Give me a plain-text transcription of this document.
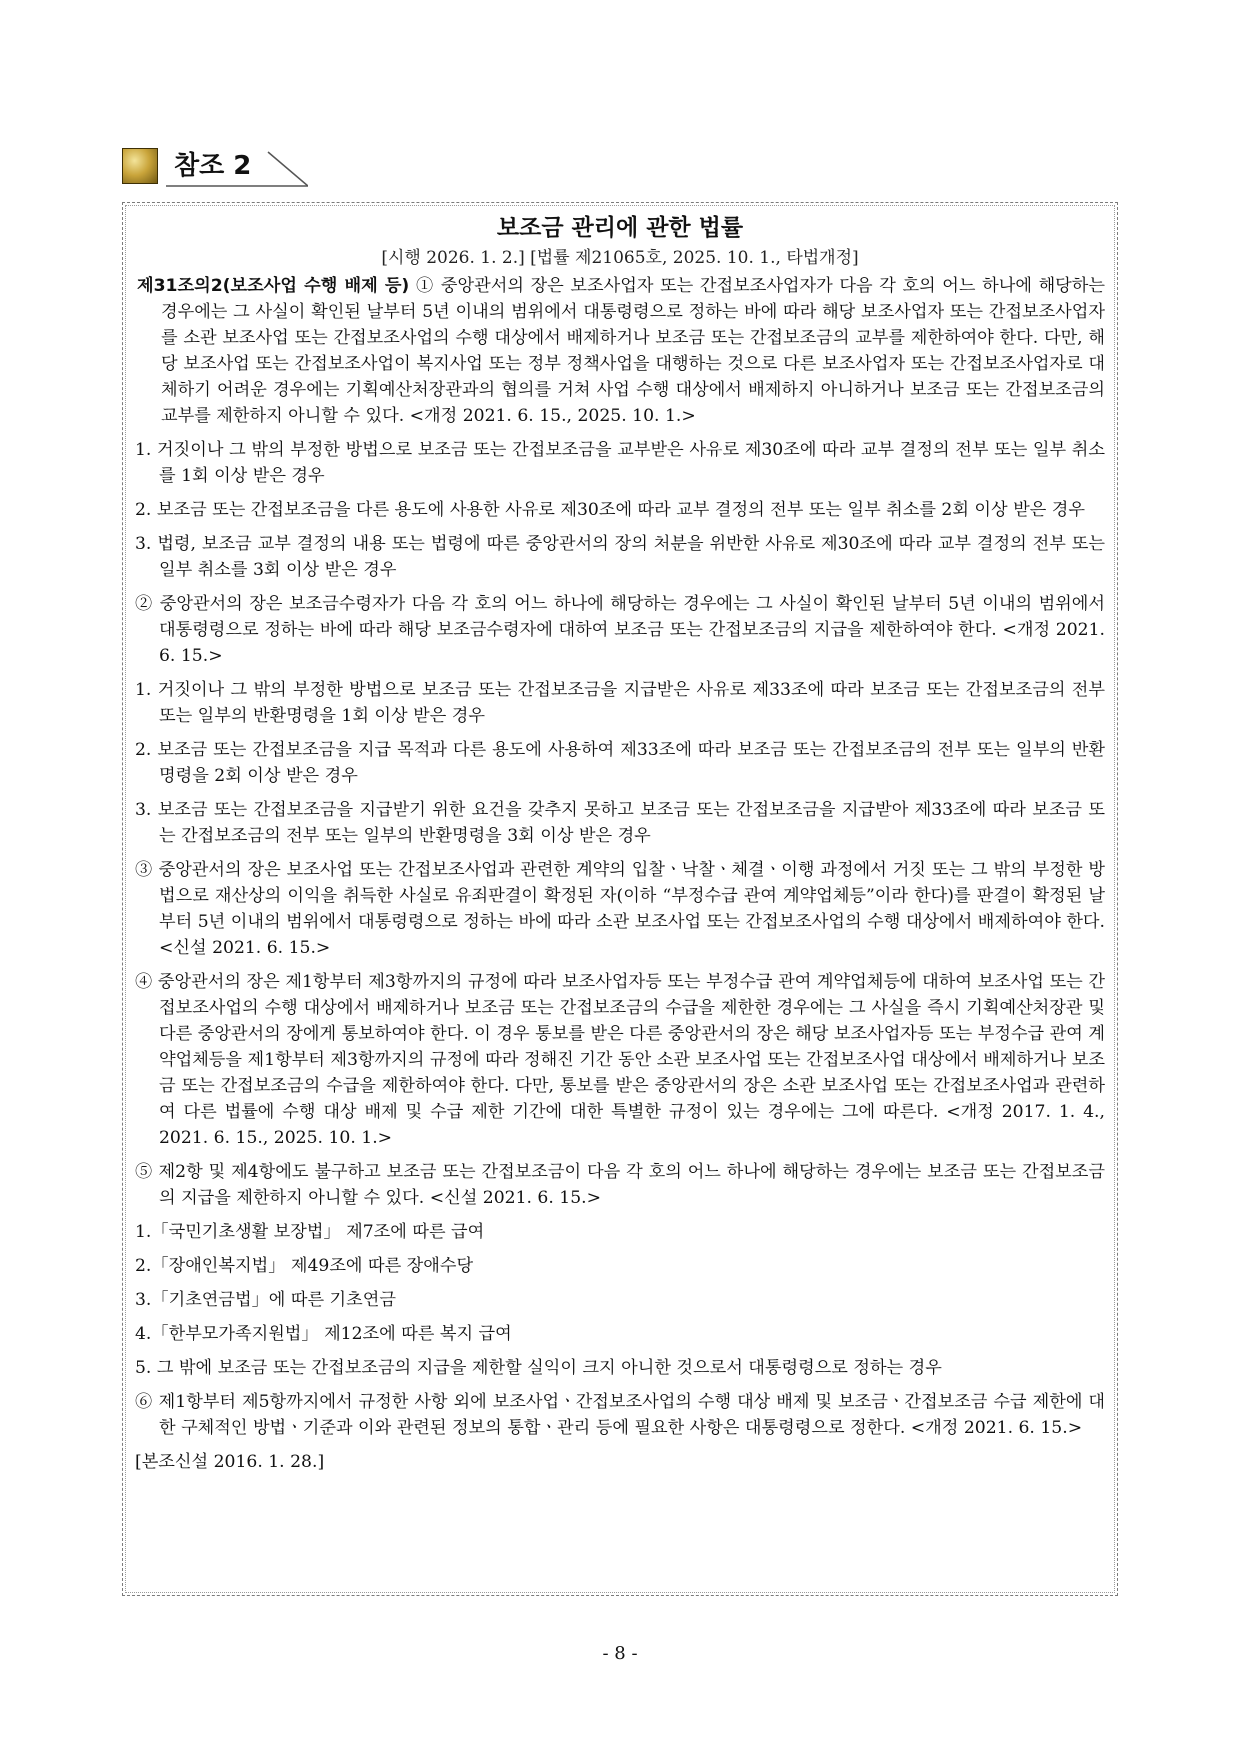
참조 2
보조금 관리에 관한 법률
[시행 2026. 1. 2.] [법률 제21065호, 2025. 10. 1., 타법개정]

제31조의2(보조사업 수행 배제 등) ① 중앙관서의 장은 보조사업자 또는 간접보조사업자가 다음 각 호의 어느 하나에 해당하는 경우에는 그 사실이 확인된 날부터 5년 이내의 범위에서 대통령령으로 정하는 바에 따라 해당 보조사업자 또는 간접보조사업자를 소관 보조사업 또는 간접보조사업의 수행 대상에서 배제하거나 보조금 또는 간접보조금의 교부를 제한하여야 한다. 다만, 해당 보조사업 또는 간접보조사업이 복지사업 또는 정부 정책사업을 대행하는 것으로 다른 보조사업자 또는 간접보조사업자로 대체하기 어려운 경우에는 기획예산처장관과의 협의를 거쳐 사업 수행 대상에서 배제하지 아니하거나 보조금 또는 간접보조금의 교부를 제한하지 아니할 수 있다. <개정 2021. 6. 15., 2025. 10. 1.>

1. 거짓이나 그 밖의 부정한 방법으로 보조금 또는 간접보조금을 교부받은 사유로 제30조에 따라 교부 결정의 전부 또는 일부 취소를 1회 이상 받은 경우

2. 보조금 또는 간접보조금을 다른 용도에 사용한 사유로 제30조에 따라 교부 결정의 전부 또는 일부 취소를 2회 이상 받은 경우

3. 법령, 보조금 교부 결정의 내용 또는 법령에 따른 중앙관서의 장의 처분을 위반한 사유로 제30조에 따라 교부 결정의 전부 또는 일부 취소를 3회 이상 받은 경우

② 중앙관서의 장은 보조금수령자가 다음 각 호의 어느 하나에 해당하는 경우에는 그 사실이 확인된 날부터 5년 이내의 범위에서 대통령령으로 정하는 바에 따라 해당 보조금수령자에 대하여 보조금 또는 간접보조금의 지급을 제한하여야 한다. <개정 2021. 6. 15.>

1. 거짓이나 그 밖의 부정한 방법으로 보조금 또는 간접보조금을 지급받은 사유로 제33조에 따라 보조금 또는 간접보조금의 전부 또는 일부의 반환명령을 1회 이상 받은 경우

2. 보조금 또는 간접보조금을 지급 목적과 다른 용도에 사용하여 제33조에 따라 보조금 또는 간접보조금의 전부 또는 일부의 반환명령을 2회 이상 받은 경우

3. 보조금 또는 간접보조금을 지급받기 위한 요건을 갖추지 못하고 보조금 또는 간접보조금을 지급받아 제33조에 따라 보조금 또는 간접보조금의 전부 또는 일부의 반환명령을 3회 이상 받은 경우

③ 중앙관서의 장은 보조사업 또는 간접보조사업과 관련한 계약의 입찰ㆍ낙찰ㆍ체결ㆍ이행 과정에서 거짓 또는 그 밖의 부정한 방법으로 재산상의 이익을 취득한 사실로 유죄판결이 확정된 자(이하 “부정수급 관여 계약업체등”이라 한다)를 판결이 확정된 날부터 5년 이내의 범위에서 대통령령으로 정하는 바에 따라 소관 보조사업 또는 간접보조사업의 수행 대상에서 배제하여야 한다. <신설 2021. 6. 15.>

④ 중앙관서의 장은 제1항부터 제3항까지의 규정에 따라 보조사업자등 또는 부정수급 관여 계약업체등에 대하여 보조사업 또는 간접보조사업의 수행 대상에서 배제하거나 보조금 또는 간접보조금의 수급을 제한한 경우에는 그 사실을 즉시 기획예산처장관 및 다른 중앙관서의 장에게 통보하여야 한다. 이 경우 통보를 받은 다른 중앙관서의 장은 해당 보조사업자등 또는 부정수급 관여 계약업체등을 제1항부터 제3항까지의 규정에 따라 정해진 기간 동안 소관 보조사업 또는 간접보조사업 대상에서 배제하거나 보조금 또는 간접보조금의 수급을 제한하여야 한다. 다만, 통보를 받은 중앙관서의 장은 소관 보조사업 또는 간접보조사업과 관련하여 다른 법률에 수행 대상 배제 및 수급 제한 기간에 대한 특별한 규정이 있는 경우에는 그에 따른다. <개정 2017. 1. 4., 2021. 6. 15., 2025. 10. 1.>

⑤ 제2항 및 제4항에도 불구하고 보조금 또는 간접보조금이 다음 각 호의 어느 하나에 해당하는 경우에는 보조금 또는 간접보조금의 지급을 제한하지 아니할 수 있다. <신설 2021. 6. 15.>

1.「국민기초생활 보장법」 제7조에 따른 급여

2.「장애인복지법」 제49조에 따른 장애수당

3.「기초연금법」에 따른 기초연금

4.「한부모가족지원법」 제12조에 따른 복지 급여

5. 그 밖에 보조금 또는 간접보조금의 지급을 제한할 실익이 크지 아니한 것으로서 대통령령으로 정하는 경우

⑥ 제1항부터 제5항까지에서 규정한 사항 외에 보조사업ㆍ간접보조사업의 수행 대상 배제 및 보조금ㆍ간접보조금 수급 제한에 대한 구체적인 방법ㆍ기준과 이와 관련된 정보의 통합ㆍ관리 등에 필요한 사항은 대통령령으로 정한다. <개정 2021. 6. 15.>

[본조신설 2016. 1. 28.]

- 8 -
